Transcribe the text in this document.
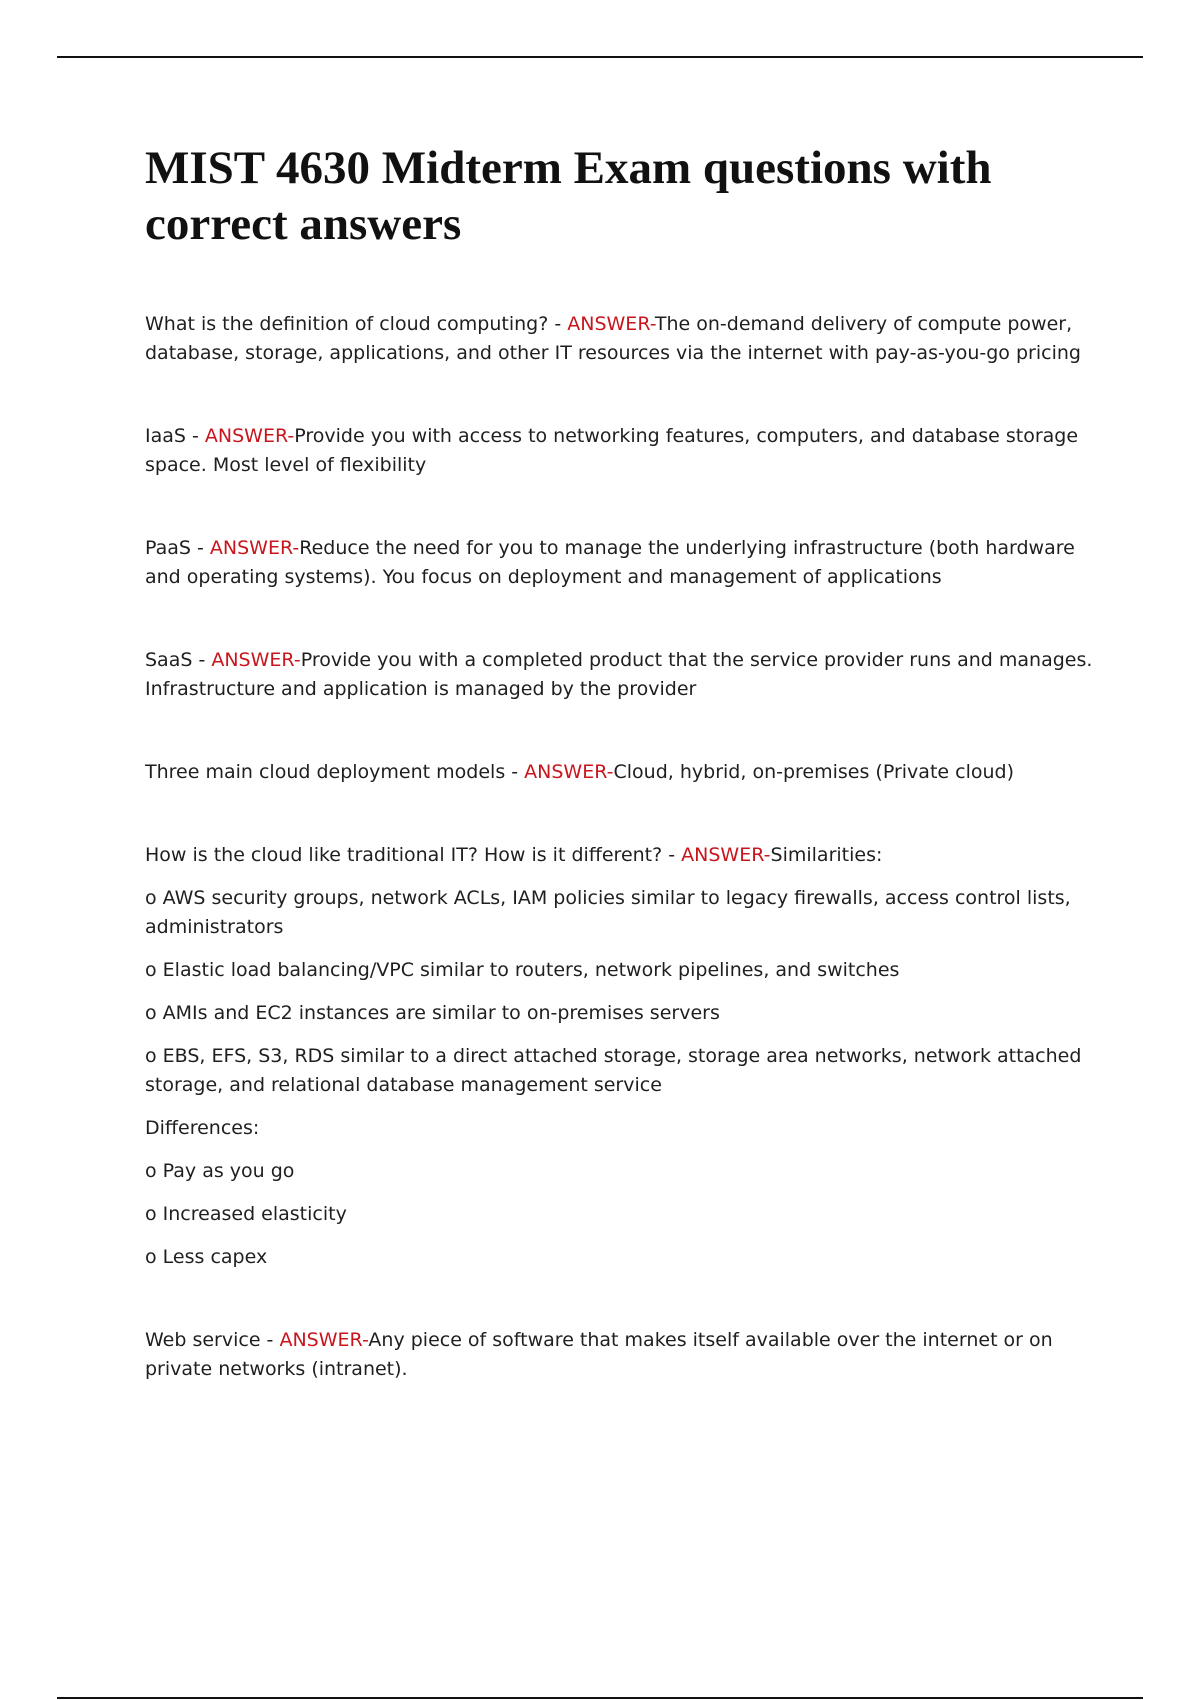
MIST 4630 Midterm Exam questions with correct answers

What is the definition of cloud computing? - ANSWER-The on-demand delivery of compute power, database, storage, applications, and other IT resources via the internet with pay-as-you-go pricing

IaaS - ANSWER-Provide you with access to networking features, computers, and database storage space. Most level of flexibility

PaaS - ANSWER-Reduce the need for you to manage the underlying infrastructure (both hardware and operating systems). You focus on deployment and management of applications

SaaS - ANSWER-Provide you with a completed product that the service provider runs and manages. Infrastructure and application is managed by the provider

Three main cloud deployment models - ANSWER-Cloud, hybrid, on-premises (Private cloud)

How is the cloud like traditional IT? How is it different? - ANSWER-Similarities:

o AWS security groups, network ACLs, IAM policies similar to legacy firewalls, access control lists, administrators

o Elastic load balancing/VPC similar to routers, network pipelines, and switches

o AMIs and EC2 instances are similar to on-premises servers

o EBS, EFS, S3, RDS similar to a direct attached storage, storage area networks, network attached storage, and relational database management service

Differences:

o Pay as you go

o Increased elasticity

o Less capex

Web service - ANSWER-Any piece of software that makes itself available over the internet or on private networks (intranet).
